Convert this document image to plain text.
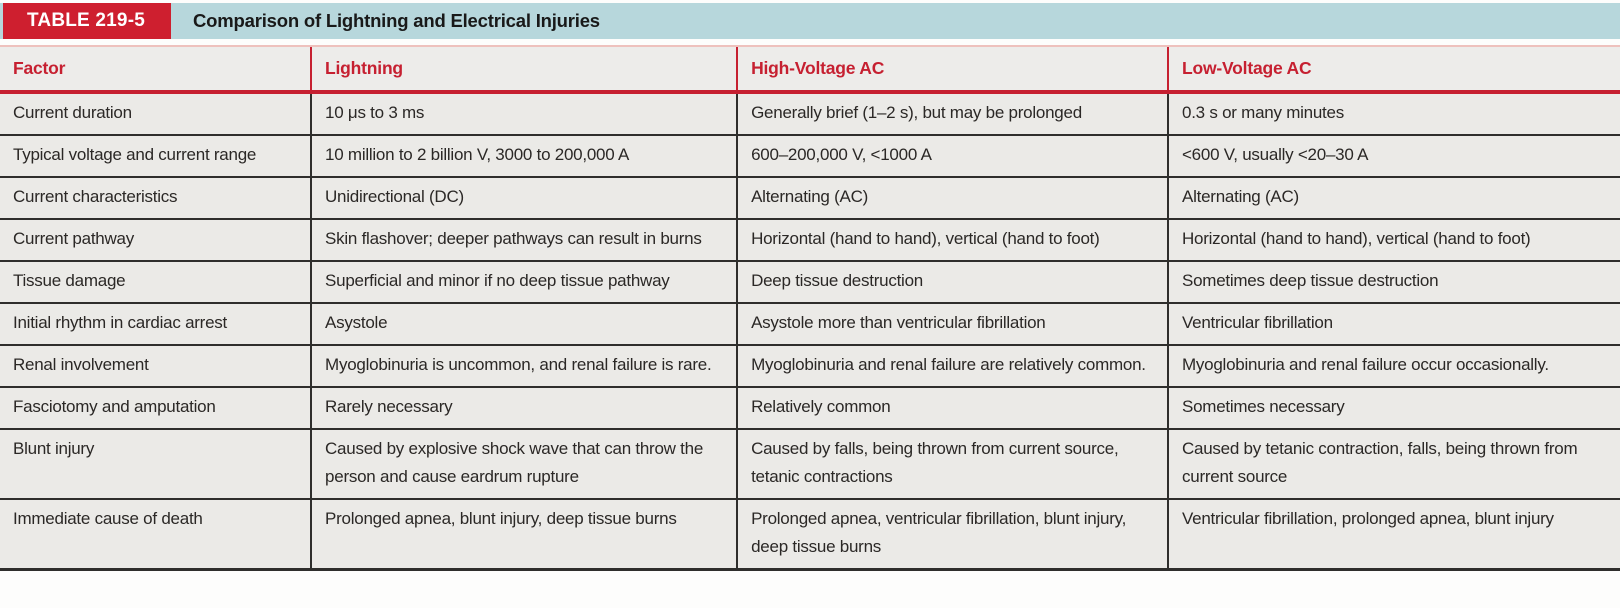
TABLE 219-5	Comparison of Lightning and Electrical Injuries
Factor	Lightning	High-Voltage AC	Low-Voltage AC
Current duration	10 μs to 3 ms	Generally brief (1–2 s), but may be prolonged	0.3 s or many minutes
Typical voltage and current range	10 million to 2 billion V, 3000 to 200,000 A	600–200,000 V, <1000 A	<600 V, usually <20–30 A
Current characteristics	Unidirectional (DC)	Alternating (AC)	Alternating (AC)
Current pathway	Skin flashover; deeper pathways can result in burns	Horizontal (hand to hand), vertical (hand to foot)	Horizontal (hand to hand), vertical (hand to foot)
Tissue damage	Superficial and minor if no deep tissue pathway	Deep tissue destruction	Sometimes deep tissue destruction
Initial rhythm in cardiac arrest	Asystole	Asystole more than ventricular fibrillation	Ventricular fibrillation
Renal involvement	Myoglobinuria is uncommon, and renal failure is rare.	Myoglobinuria and renal failure are relatively common.	Myoglobinuria and renal failure occur occasionally.
Fasciotomy and amputation	Rarely necessary	Relatively common	Sometimes necessary
Blunt injury	Caused by explosive shock wave that can throw the person and cause eardrum rupture	Caused by falls, being thrown from current source, tetanic contractions	Caused by tetanic contraction, falls, being thrown from current source
Immediate cause of death	Prolonged apnea, blunt injury, deep tissue burns	Prolonged apnea, ventricular fibrillation, blunt injury, deep tissue burns	Ventricular fibrillation, prolonged apnea, blunt injury
